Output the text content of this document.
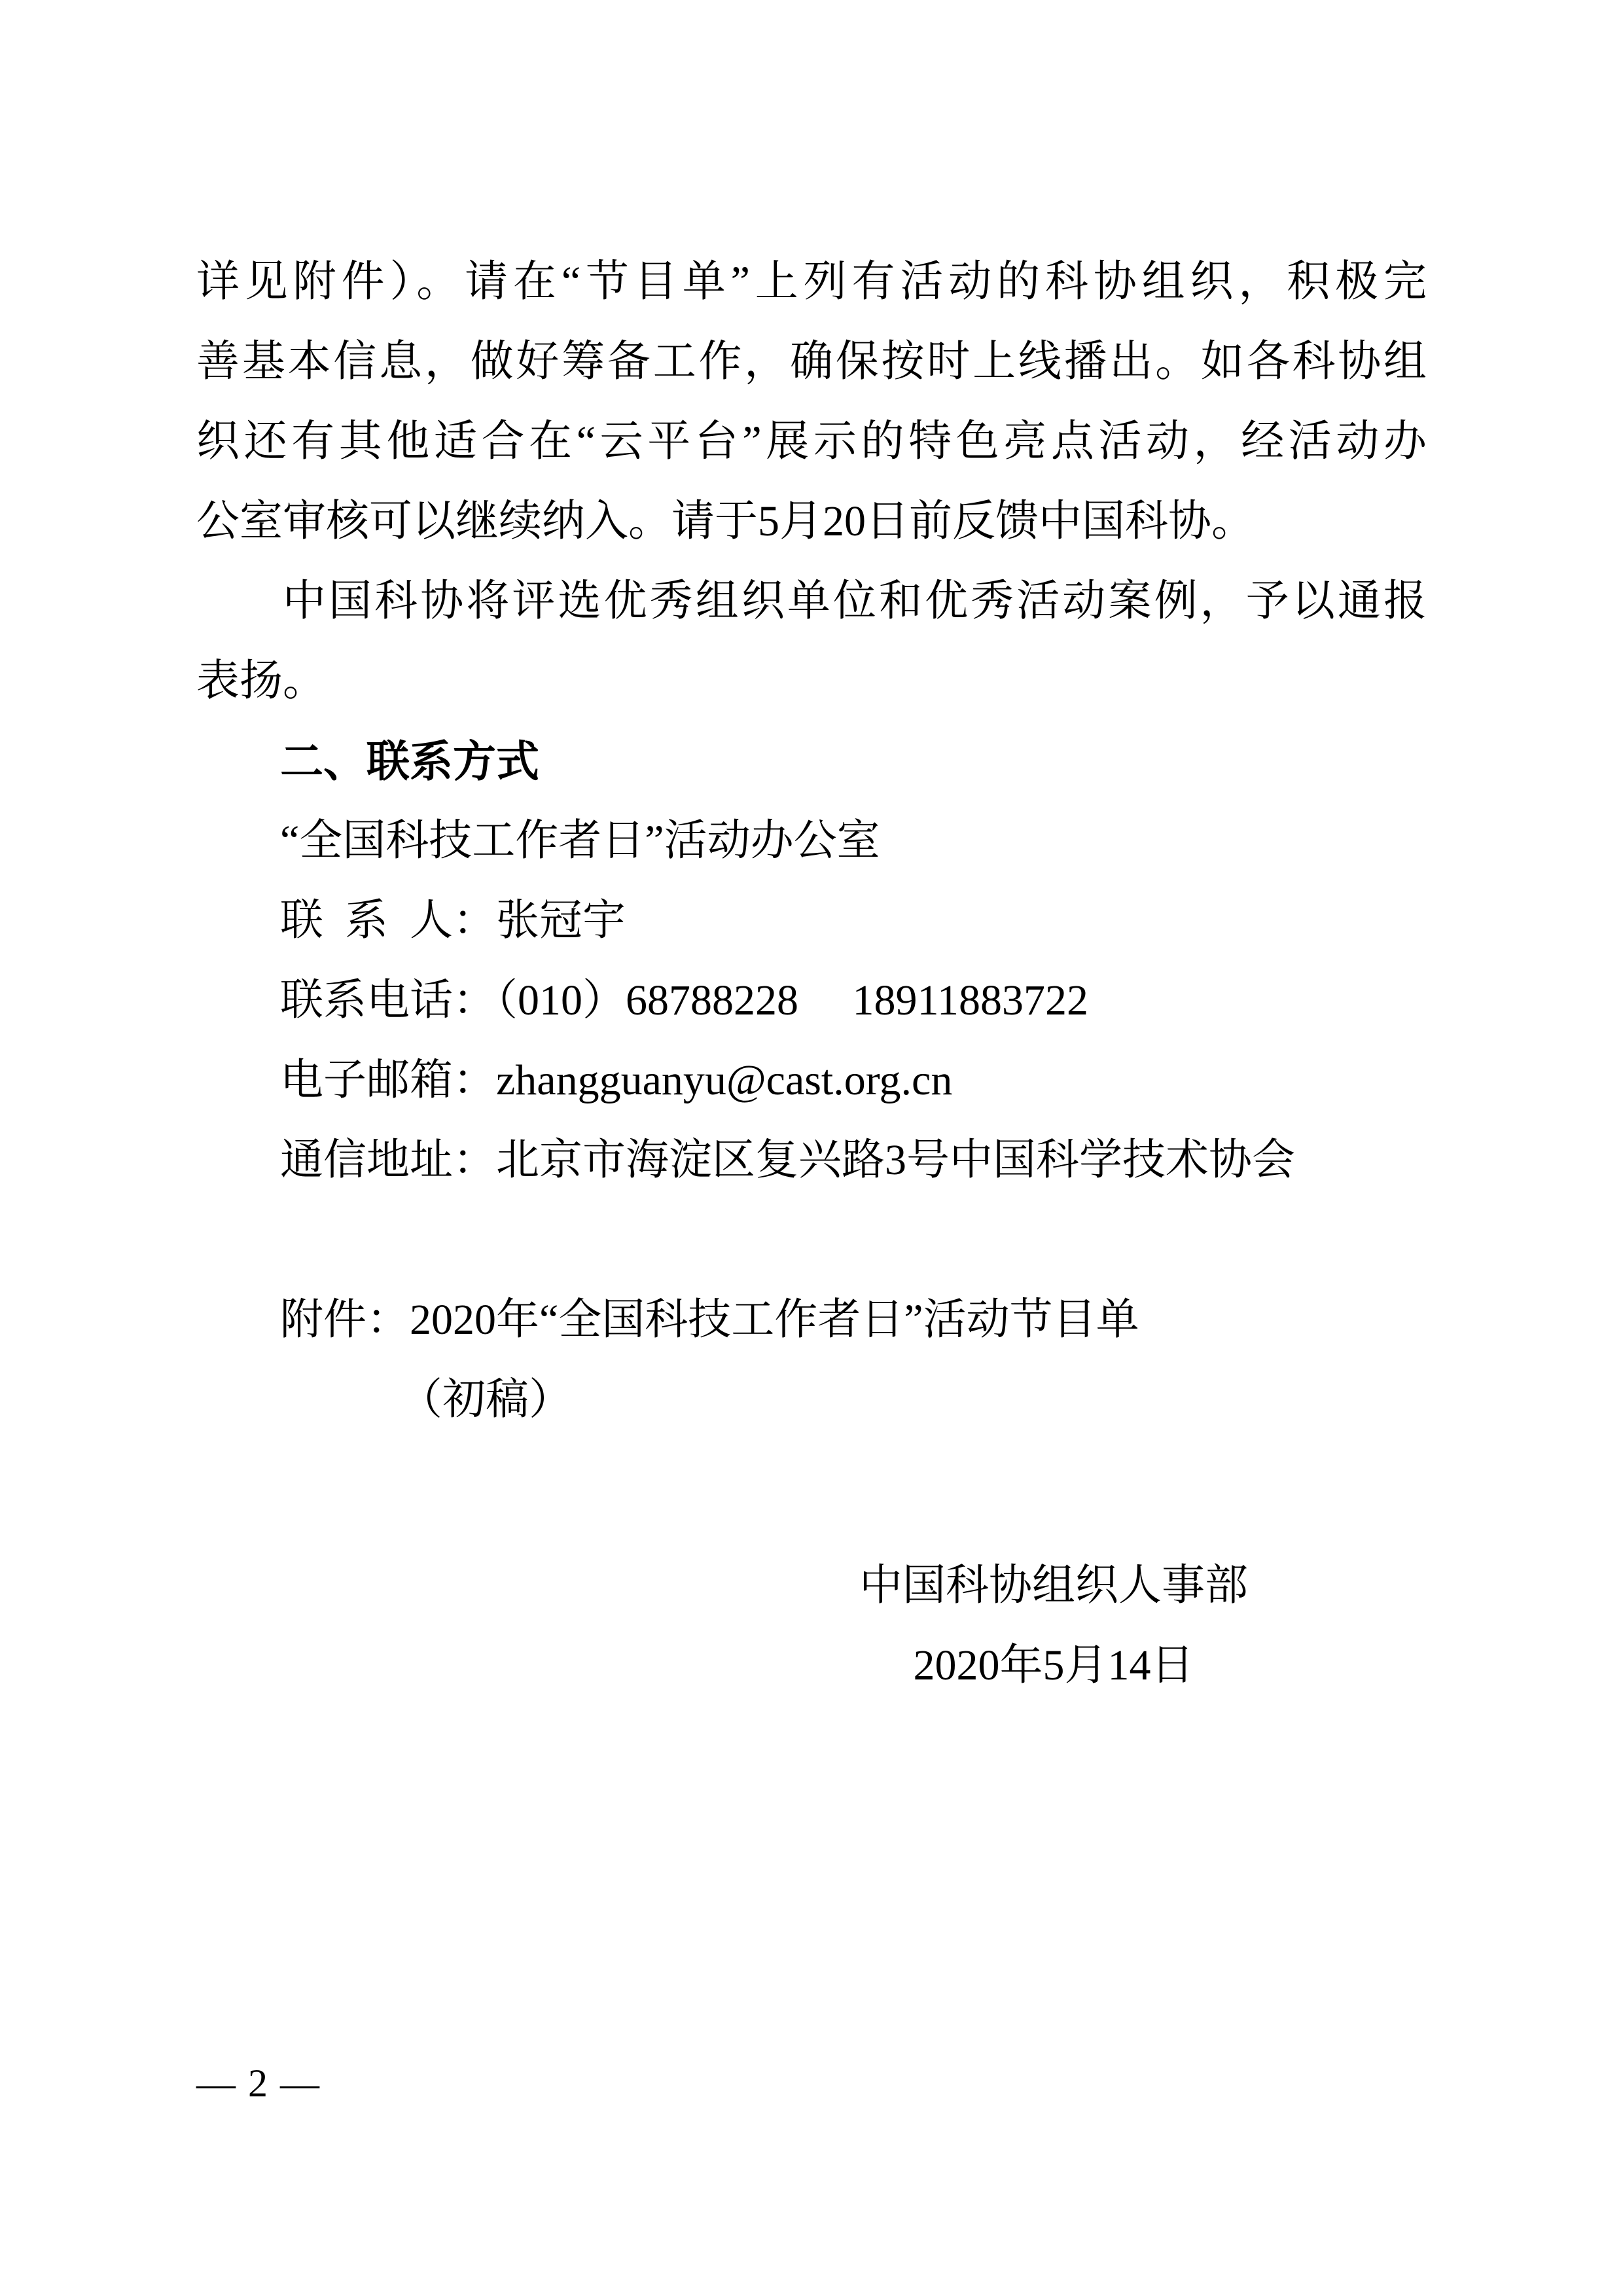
详见附件）。请在“节目单”上列有活动的科协组织，积极完
善基本信息，做好筹备工作，确保按时上线播出。如各科协组
织还有其他适合在“云平台”展示的特色亮点活动，经活动办
公室审核可以继续纳入。请于5月20日前反馈中国科协。
中国科协将评选优秀组织单位和优秀活动案例，予以通报
表扬。
二、联系方式
“全国科技工作者日”活动办公室
联  系  人：张冠宇
联系电话：（010）68788228　 18911883722
电子邮箱：zhangguanyu@cast.org.cn
通信地址：北京市海淀区复兴路3号中国科学技术协会
附件：2020年“全国科技工作者日”活动节目单
（初稿）
中国科协组织人事部
2020年5月14日
— 2 —
